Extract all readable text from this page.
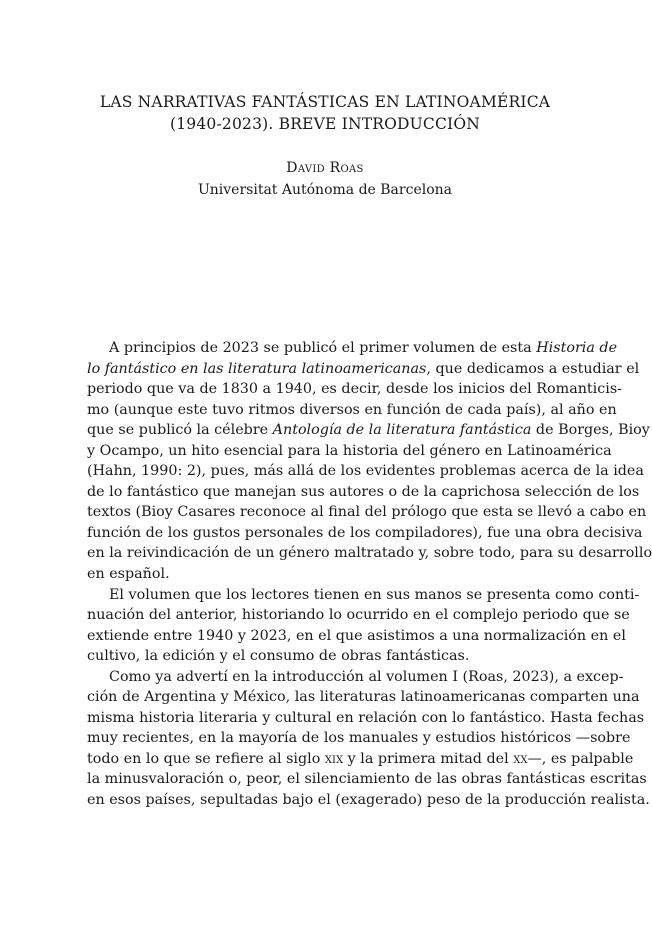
LAS NARRATIVAS FANTÁSTICAS EN LATINOAMÉRICA
(1940-2023). BREVE INTRODUCCIÓN
David Roas
Universitat Autónoma de Barcelona
A principios de 2023 se publicó el primer volumen de esta Historia de
lo fantástico en las literatura latinoamericanas, que dedicamos a estudiar el
periodo que va de 1830 a 1940, es decir, desde los inicios del Romanticis-
mo (aunque este tuvo ritmos diversos en función de cada país), al año en
que se publicó la célebre Antología de la literatura fantástica de Borges, Bioy
y Ocampo, un hito esencial para la historia del género en Latinoamérica
(Hahn, 1990: 2), pues, más allá de los evidentes problemas acerca de la idea
de lo fantástico que manejan sus autores o de la caprichosa selección de los
textos (Bioy Casares reconoce al final del prólogo que esta se llevó a cabo en
función de los gustos personales de los compiladores), fue una obra decisiva
en la reivindicación de un género maltratado y, sobre todo, para su desarrollo
en español.
El volumen que los lectores tienen en sus manos se presenta como conti-
nuación del anterior, historiando lo ocurrido en el complejo periodo que se
extiende entre 1940 y 2023, en el que asistimos a una normalización en el
cultivo, la edición y el consumo de obras fantásticas.
Como ya advertí en la introducción al volumen I (Roas, 2023), a excep-
ción de Argentina y México, las literaturas latinoamericanas comparten una
misma historia literaria y cultural en relación con lo fantástico. Hasta fechas
muy recientes, en la mayoría de los manuales y estudios históricos —sobre
todo en lo que se refiere al siglo xix y la primera mitad del xx—, es palpable
la minusvaloración o, peor, el silenciamiento de las obras fantásticas escritas
en esos países, sepultadas bajo el (exagerado) peso de la producción realista.
